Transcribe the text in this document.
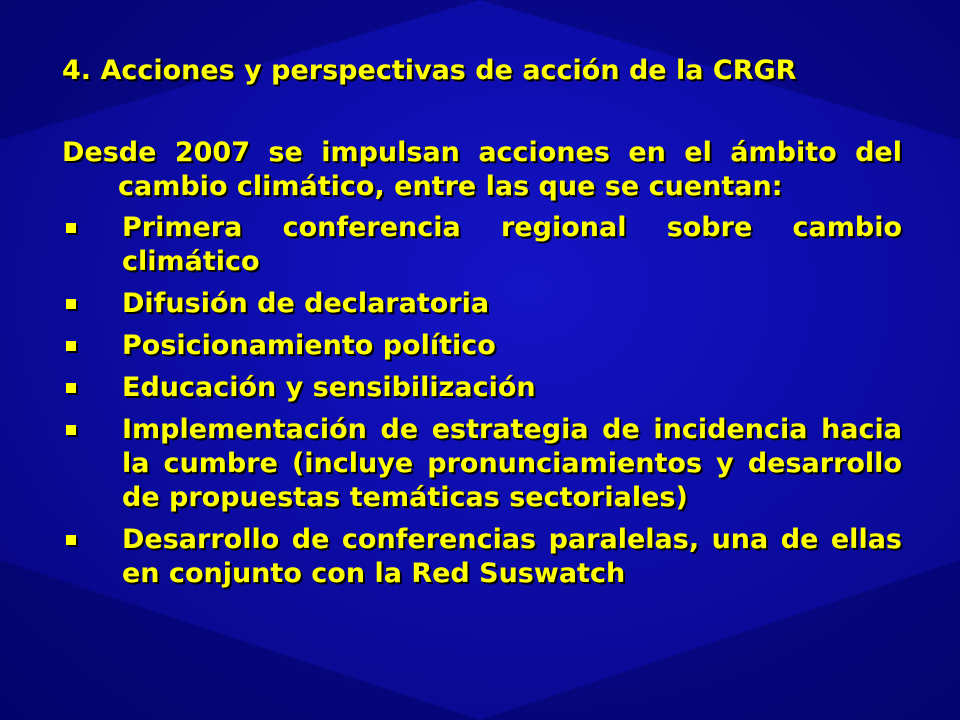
4. Acciones y perspectivas de acción de la CRGR
Desde 2007 se impulsan acciones en el ámbito del cambio climático, entre las que se cuentan:
Primera conferencia regional sobre cambio climático
Difusión de declaratoria
Posicionamiento político
Educación y sensibilización
Implementación de estrategia de incidencia hacia la cumbre (incluye pronunciamientos y desarrollo de propuestas temáticas sectoriales)
Desarrollo de conferencias paralelas, una de ellas en conjunto con la Red Suswatch
